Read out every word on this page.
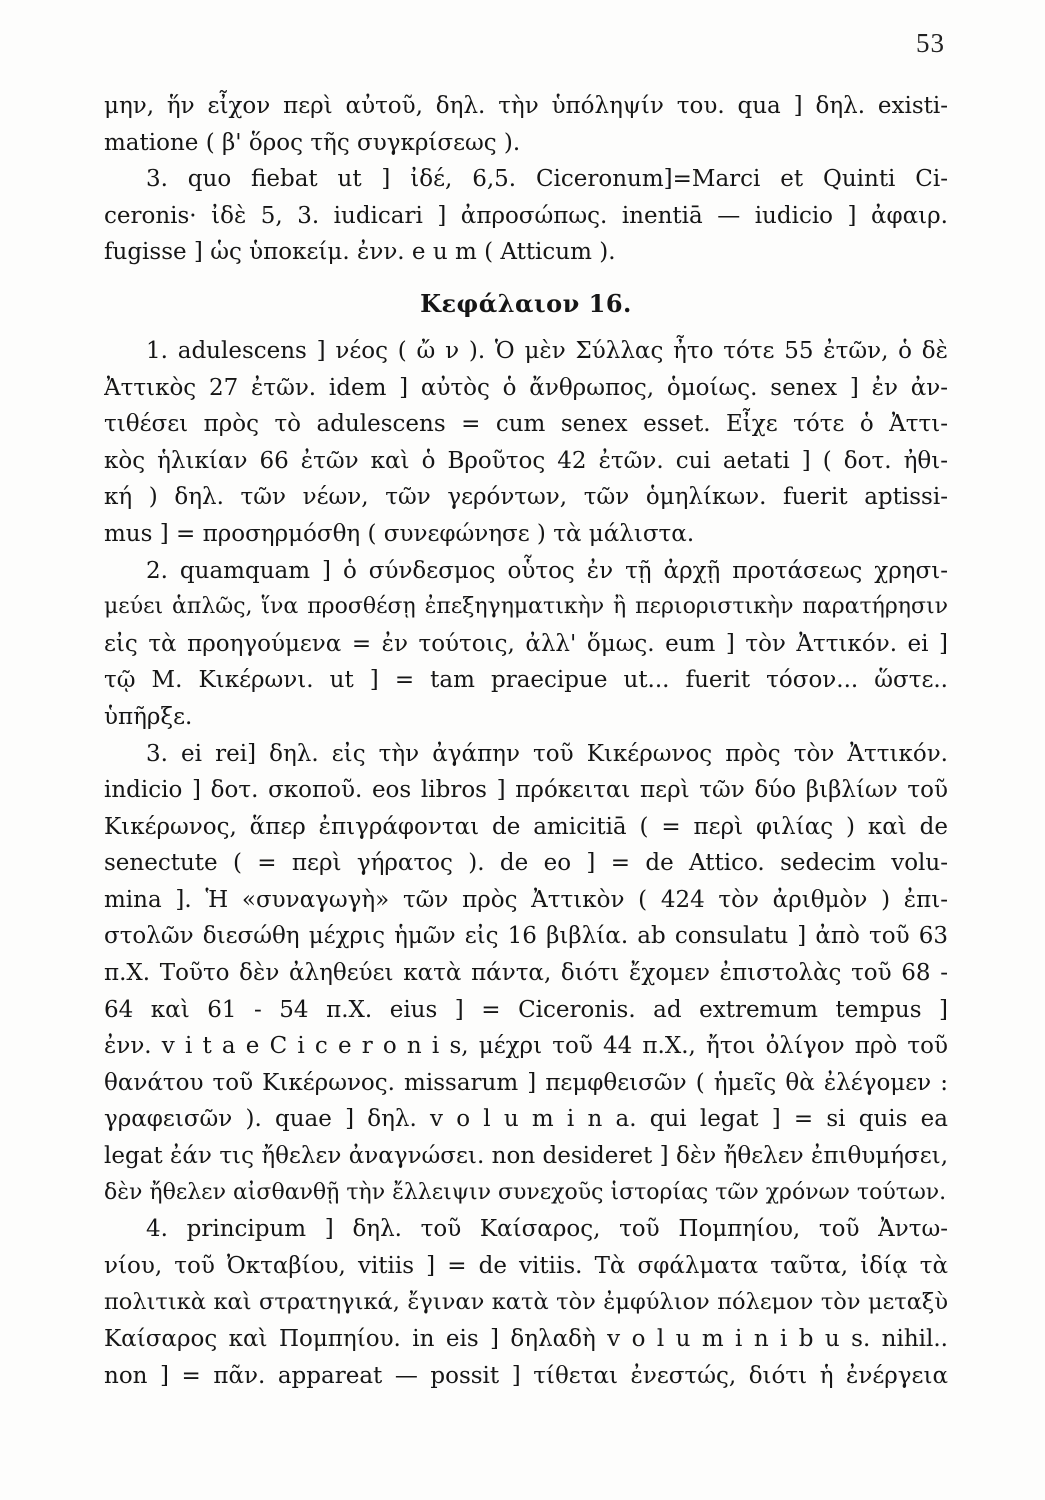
53
μην, ἥν εἶχον περὶ αὐτοῦ, δηλ. τὴν ὑπόληψίν του. qua ] δηλ. existi-
matione ( β' ὅρος τῆς συγκρίσεως ).
3. quo fiebat ut ] ἰδέ, 6,5. Ciceronum]=Marci et Quinti Ci-
ceronis· ἰδὲ 5, 3. iudicari ] ἀπροσώπως. inentiā — iudicio ] ἀφαιρ.
fugisse ] ὡς ὑποκείμ. ἐνν. e u m ( Atticum ).
Κεφάλαιον 16.
1. adulescens ] νέος ( ὤ ν ). Ὁ μὲν Σύλλας ἦτο τότε 55 ἐτῶν, ὁ δὲ
Ἀττικὸς 27 ἐτῶν. idem ] αὐτὸς ὁ ἄνθρωπος, ὁμοίως. senex ] ἐν ἀν-
τιθέσει πρὸς τὸ adulescens = cum senex esset. Εἶχε τότε ὁ Ἀττι-
κὸς ἡλικίαν 66 ἐτῶν καὶ ὁ Βροῦτος 42 ἐτῶν. cui aetati ] ( δοτ. ἠθι-
κή ) δηλ. τῶν νέων, τῶν γερόντων, τῶν ὁμηλίκων. fuerit aptissi-
mus ] = προσηρμόσθη ( συνεφώνησε ) τὰ μάλιστα.
2. quamquam ] ὁ σύνδεσμος οὗτος ἐν τῇ ἀρχῇ προτάσεως χρησι-
μεύει ἁπλῶς, ἵνα προσθέσῃ ἐπεξηγηματικὴν ἢ περιοριστικὴν παρατήρησιν
εἰς τὰ προηγούμενα = ἐν τούτοις, ἀλλ' ὅμως. eum ] τὸν Ἀττικόν. ei ]
τῷ Μ. Κικέρωνι. ut ] = tam praecipue ut... fuerit τόσον... ὥστε..
ὑπῆρξε.
3. ei rei] δηλ. εἰς τὴν ἀγάπην τοῦ Κικέρωνος πρὸς τὸν Ἀττικόν.
indicio ] δοτ. σκοποῦ. eos libros ] πρόκειται περὶ τῶν δύο βιβλίων τοῦ
Κικέρωνος, ἅπερ ἐπιγράφονται de amicitiā ( = περὶ φιλίας ) καὶ de
senectute ( = περὶ γήρατος ). de eo ] = de Attico. sedecim volu-
mina ]. Ἡ «συναγωγὴ» τῶν πρὸς Ἀττικὸν ( 424 τὸν ἀριθμὸν ) ἐπι-
στολῶν διεσώθη μέχρις ἡμῶν εἰς 16 βιβλία. ab consulatu ] ἀπὸ τοῦ 63
π.Χ. Τοῦτο δὲν ἀληθεύει κατὰ πάντα, διότι ἔχομεν ἐπιστολὰς τοῦ 68 -
64 καὶ 61 - 54 π.Χ. eius ] = Ciceronis. ad extremum tempus ]
ἐνν. v i t a e C i c e r o n i s, μέχρι τοῦ 44 π.Χ., ἤτοι ὀλίγον πρὸ τοῦ
θανάτου τοῦ Κικέρωνος. missarum ] πεμφθεισῶν ( ἡμεῖς θὰ ἐλέγομεν :
γραφεισῶν ). quae ] δηλ. v o l u m i n a. qui legat ] = si quis ea
legat ἐάν τις ἤθελεν ἀναγνώσει. non desideret ] δὲν ἤθελεν ἐπιθυμήσει,
δὲν ἤθελεν αἰσθανθῇ τὴν ἔλλειψιν συνεχοῦς ἱστορίας τῶν χρόνων τούτων.
4. principum ] δηλ. τοῦ Καίσαρος, τοῦ Πομπηίου, τοῦ Ἀντω-
νίου, τοῦ Ὀκταβίου, vitiis ] = de vitiis. Τὰ σφάλματα ταῦτα, ἰδίᾳ τὰ
πολιτικὰ καὶ στρατηγικά, ἔγιναν κατὰ τὸν ἐμφύλιον πόλεμον τὸν μεταξὺ
Καίσαρος καὶ Πομπηίου. in eis ] δηλαδὴ v o l u m i n i b u s. nihil..
non ] = πᾶν. appareat — possit ] τίθεται ἐνεστώς, διότι ἡ ἐνέργεια
